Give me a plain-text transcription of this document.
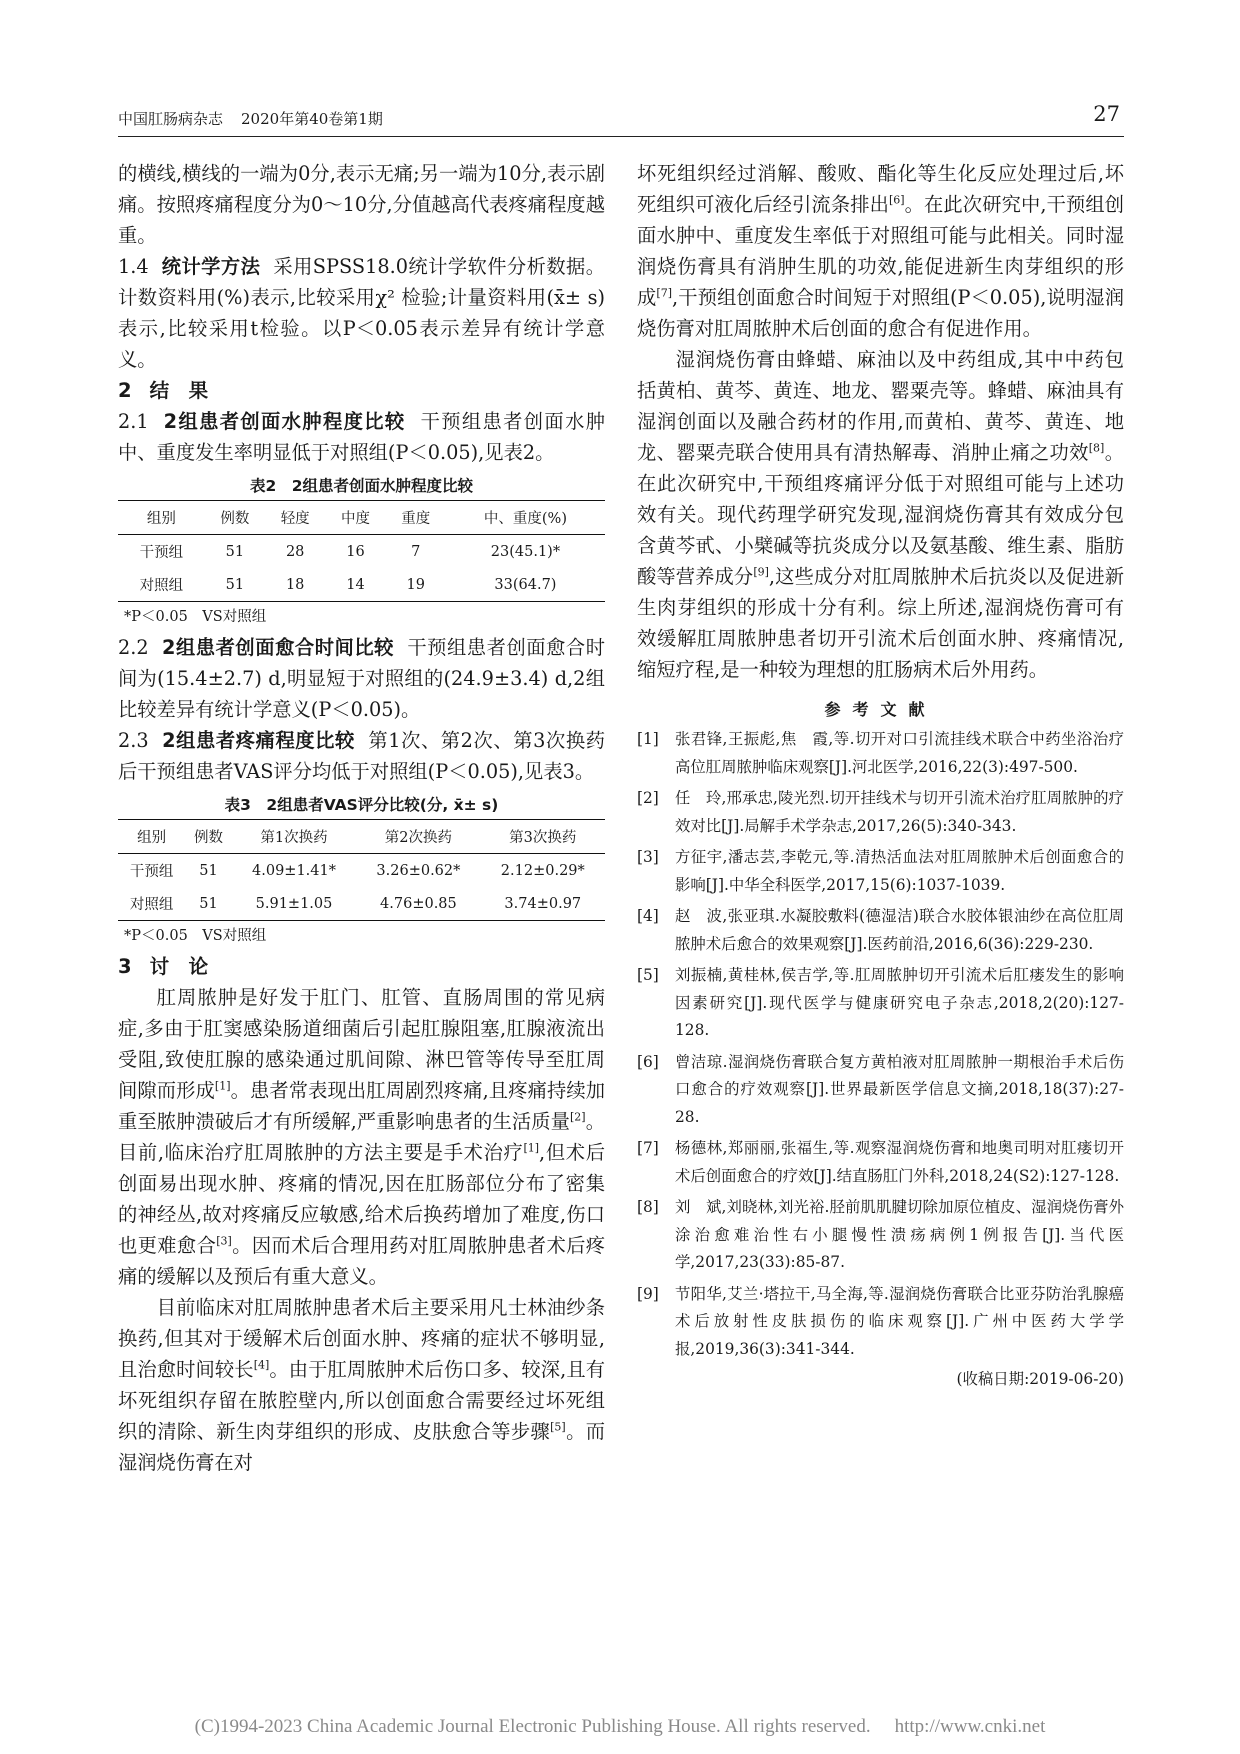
中国肛肠病杂志 2020年第40卷第1期	27

的横线,横线的一端为0分,表示无痛;另一端为10分,表示剧痛。按照疼痛程度分为0～10分,分值越高代表疼痛程度越重。

1.4 统计学方法 采用SPSS18.0统计学软件分析数据。计数资料用(%)表示,比较采用χ² 检验;计量资料用(x̄± s)表示,比较采用t检验。以P＜0.05表示差异有统计学意义。

2 结　果

2.1 2组患者创面水肿程度比较 干预组患者创面水肿中、重度发生率明显低于对照组(P＜0.05),见表2。

表2　2组患者创面水肿程度比较
组别	例数	轻度	中度	重度	中、重度(%)
干预组	51	28	16	7	23(45.1)*
对照组	51	18	14	19	33(64.7)
*P＜0.05　VS对照组

2.2 2组患者创面愈合时间比较 干预组患者创面愈合时间为(15.4±2.7) d,明显短于对照组的(24.9±3.4) d,2组比较差异有统计学意义(P＜0.05)。

2.3 2组患者疼痛程度比较 第1次、第2次、第3次换药后干预组患者VAS评分均低于对照组(P＜0.05),见表3。

表3　2组患者VAS评分比较(分, x̄± s)
组别	例数	第1次换药	第2次换药	第3次换药
干预组	51	4.09±1.41*	3.26±0.62*	2.12±0.29*
对照组	51	5.91±1.05	4.76±0.85	3.74±0.97
*P＜0.05　VS对照组
3 讨　论

肛周脓肿是好发于肛门、肛管、直肠周围的常见病症,多由于肛窦感染肠道细菌后引起肛腺阻塞,肛腺液流出受阻,致使肛腺的感染通过肌间隙、淋巴管等传导至肛周间隙而形成[1]。患者常表现出肛周剧烈疼痛,且疼痛持续加重至脓肿溃破后才有所缓解,严重影响患者的生活质量[2]。目前,临床治疗肛周脓肿的方法主要是手术治疗[1],但术后创面易出现水肿、疼痛的情况,因在肛肠部位分布了密集的神经丛,故对疼痛反应敏感,给术后换药增加了难度,伤口也更难愈合[3]。因而术后合理用药对肛周脓肿患者术后疼痛的缓解以及预后有重大意义。

目前临床对肛周脓肿患者术后主要采用凡士林油纱条换药,但其对于缓解术后创面水肿、疼痛的症状不够明显,且治愈时间较长[4]。由于肛周脓肿术后伤口多、较深,且有坏死组织存留在脓腔壁内,所以创面愈合需要经过坏死组织的清除、新生肉芽组织的形成、皮肤愈合等步骤[5]。而湿润烧伤膏在对

坏死组织经过消解、酸败、酯化等生化反应处理过后,坏死组织可液化后经引流条排出[6]。在此次研究中,干预组创面水肿中、重度发生率低于对照组可能与此相关。同时湿润烧伤膏具有消肿生肌的功效,能促进新生肉芽组织的形成[7],干预组创面愈合时间短于对照组(P＜0.05),说明湿润烧伤膏对肛周脓肿术后创面的愈合有促进作用。

湿润烧伤膏由蜂蜡、麻油以及中药组成,其中中药包括黄柏、黄芩、黄连、地龙、罂粟壳等。蜂蜡、麻油具有湿润创面以及融合药材的作用,而黄柏、黄芩、黄连、地龙、罂粟壳联合使用具有清热解毒、消肿止痛之功效[8]。在此次研究中,干预组疼痛评分低于对照组可能与上述功效有关。现代药理学研究发现,湿润烧伤膏其有效成分包含黄芩甙、小檗碱等抗炎成分以及氨基酸、维生素、脂肪酸等营养成分[9],这些成分对肛周脓肿术后抗炎以及促进新生肉芽组织的形成十分有利。综上所述,湿润烧伤膏可有效缓解肛周脓肿患者切开引流术后创面水肿、疼痛情况,缩短疗程,是一种较为理想的肛肠病术后外用药。

参考文献
[1] 张君锋,王振彪,焦　霞,等.切开对口引流挂线术联合中药坐浴治疗高位肛周脓肿临床观察[J].河北医学,2016,22(3):497-500.
[2] 任　玲,邢承忠,陵光烈.切开挂线术与切开引流术治疗肛周脓肿的疗效对比[J].局解手术学杂志,2017,26(5):340-343.
[3] 方征宇,潘志芸,李乾元,等.清热活血法对肛周脓肿术后创面愈合的影响[J].中华全科医学,2017,15(6):1037-1039.
[4] 赵　波,张亚琪.水凝胶敷料(德湿洁)联合水胶体银油纱在高位肛周脓肿术后愈合的效果观察[J].医药前沿,2016,6(36):229-230.
[5] 刘振楠,黄桂林,侯吉学,等.肛周脓肿切开引流术后肛瘘发生的影响因素研究[J].现代医学与健康研究电子杂志,2018,2(20):127-128.
[6] 曾洁琼.湿润烧伤膏联合复方黄柏液对肛周脓肿一期根治手术后伤口愈合的疗效观察[J].世界最新医学信息文摘,2018,18(37):27-28.
[7] 杨德林,郑丽丽,张福生,等.观察湿润烧伤膏和地奥司明对肛瘘切开术后创面愈合的疗效[J].结直肠肛门外科,2018,24(S2):127-128.
[8] 刘　斌,刘晓林,刘光裕.胫前肌肌腱切除加原位植皮、湿润烧伤膏外涂治愈难治性右小腿慢性溃疡病例1例报告[J].当代医学,2017,23(33):85-87.
[9] 节阳华,艾兰·塔拉干,马全海,等.湿润烧伤膏联合比亚芬防治乳腺癌术后放射性皮肤损伤的临床观察[J].广州中医药大学学报,2019,36(3):341-344.
(收稿日期:2019-06-20)
(C)1994-2023 China Academic Journal Electronic Publishing House. All rights reserved. http://www.cnki.net
